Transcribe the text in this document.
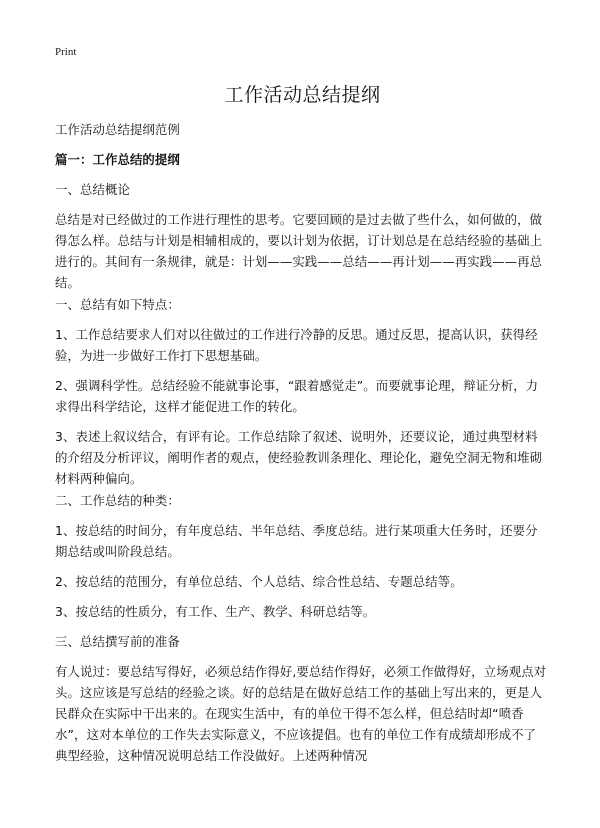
Print
工作活动总结提纲

工作活动总结提纲范例

篇一：工作总结的提纲

一、总结概论

总结是对已经做过的工作进行理性的思考。它要回顾的是过去做了些什么，如何做的，做得怎么样。总结与计划是相辅相成的，要以计划为依据，订计划总是在总结经验的基础上进行的。其间有一条规律，就是：计划——实践——总结——再计划——再实践——再总结。

一、总结有如下特点：

1、工作总结要求人们对以往做过的工作进行冷静的反思。通过反思，提高认识，获得经验，为进一步做好工作打下思想基础。

2、强调科学性。总结经验不能就事论事，“跟着感觉走”。而要就事论理，辩证分析，力求得出科学结论，这样才能促进工作的转化。

3、表述上叙议结合，有评有论。工作总结除了叙述、说明外，还要议论，通过典型材料的介绍及分析评议，阐明作者的观点，使经验教训条理化、理论化，避免空洞无物和堆砌材料两种偏向。

二、工作总结的种类：

1、按总结的时间分，有年度总结、半年总结、季度总结。进行某项重大任务时，还要分期总结或叫阶段总结。

2、按总结的范围分，有单位总结、个人总结、综合性总结、专题总结等。

3、按总结的性质分，有工作、生产、教学、科研总结等。

三、总结撰写前的准备

有人说过：要总结写得好，必须总结作得好,要总结作得好，必须工作做得好，立场观点对头。这应该是写总结的经验之谈。好的总结是在做好总结工作的基础上写出来的，更是人民群众在实际中干出来的。在现实生活中，有的单位干得不怎么样，但总结时却“喷香水”，这对本单位的工作失去实际意义，不应该提倡。也有的单位工作有成绩却形成不了典型经验，这种情况说明总结工作没做好。上述两种情况
